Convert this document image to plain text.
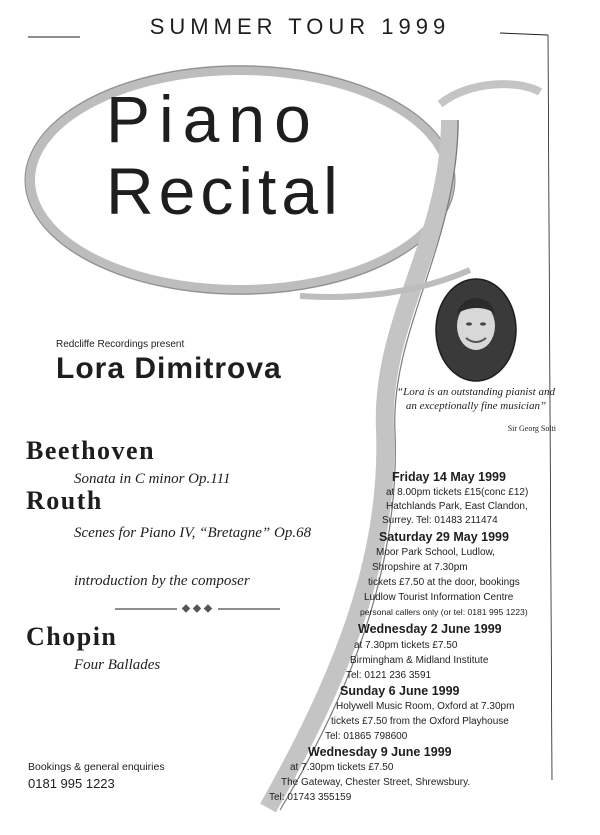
SUMMER TOUR 1999
Piano
Recital
Redcliffe Recordings present
Lora Dimitrova
Beethoven
Sonata in C minor Op.111
Routh
Scenes for Piano IV, “Bretagne” Op.68
introduction by the composer
Chopin
Four Ballades
“Lora is an outstanding pianist and an exceptionally fine musician”
Sir Georg Solti
Friday 14 May 1999
at 8.00pm tickets £15(conc £12)
Hatchlands Park, East Clandon,
Surrey. Tel: 01483 211474
Saturday 29 May 1999
Moor Park School, Ludlow,
Shropshire at 7.30pm
tickets £7.50 at the door, bookings
Ludlow Tourist Information Centre
personal callers only (or tel: 0181 995 1223)
Wednesday 2 June 1999
at 7.30pm tickets £7.50
Birmingham & Midland Institute
Tel: 0121 236 3591
Sunday 6 June 1999
Holywell Music Room, Oxford at 7.30pm
tickets £7.50 from the Oxford Playhouse
Tel: 01865 798600
Wednesday 9 June 1999
at 7.30pm tickets £7.50
The Gateway, Chester Street, Shrewsbury.
Tel: 01743 355159
Bookings & general enquiries
0181 995 1223
